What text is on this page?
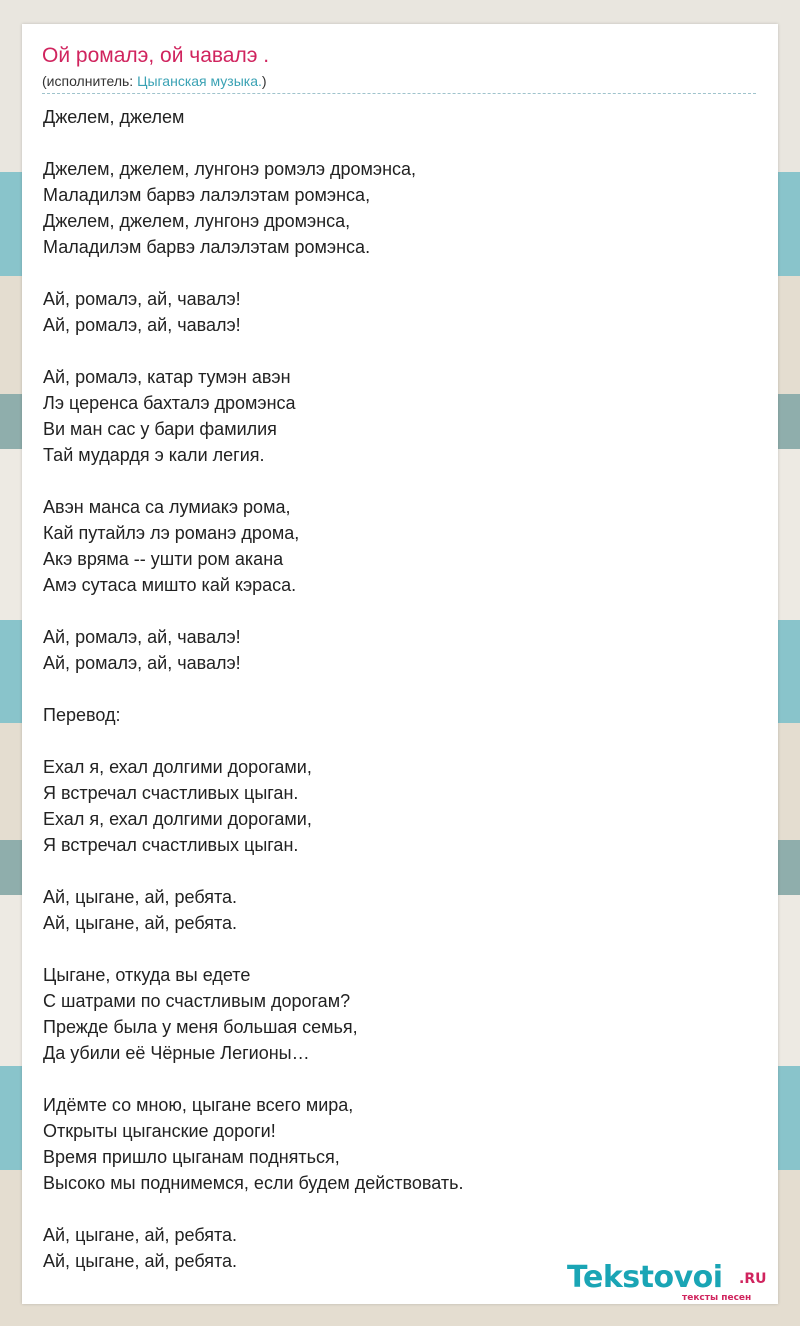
Ой ромалэ, ой чавалэ .
(исполнитель: Цыганская музыка.)
Джелем, джелем
Джелем, джелем, лунгонэ ромэлэ дромэнса,
Маладилэм барвэ лалэлэтам ромэнса,
Джелем, джелем, лунгонэ дромэнса,
Маладилэм барвэ лалэлэтам ромэнса.
Ай, ромалэ, ай, чавалэ!
Ай, ромалэ, ай, чавалэ!
Ай, ромалэ, катар тумэн авэн
Лэ церенса бахталэ дромэнса
Ви ман сас у бари фамилия
Тай мудардя э кали легия.
Авэн манса са лумиакэ рома,
Кай путайлэ лэ романэ дрома,
Акэ вряма -- ушти ром акана
Амэ сутаса мишто кай кэраса.
Ай, ромалэ, ай, чавалэ!
Ай, ромалэ, ай, чавалэ!
Перевод:
Ехал я, ехал долгими дорогами,
Я встречал счастливых цыган.
Ехал я, ехал долгими дорогами,
Я встречал счастливых цыган.
Ай, цыгане, ай, ребята.
Ай, цыгане, ай, ребята.
Цыгане, откуда вы едете
С шатрами по счастливым дорогам?
Прежде была у меня большая семья,
Да убили её Чёрные Легионы…
Идёмте со мною, цыгане всего мира,
Открыты цыганские дороги!
Время пришло цыганам подняться,
Высоко мы поднимемся, если будем действовать.
Ай, цыгане, ай, ребята.
Ай, цыгане, ай, ребята.	Tekstovoi .RU
тексты песен
